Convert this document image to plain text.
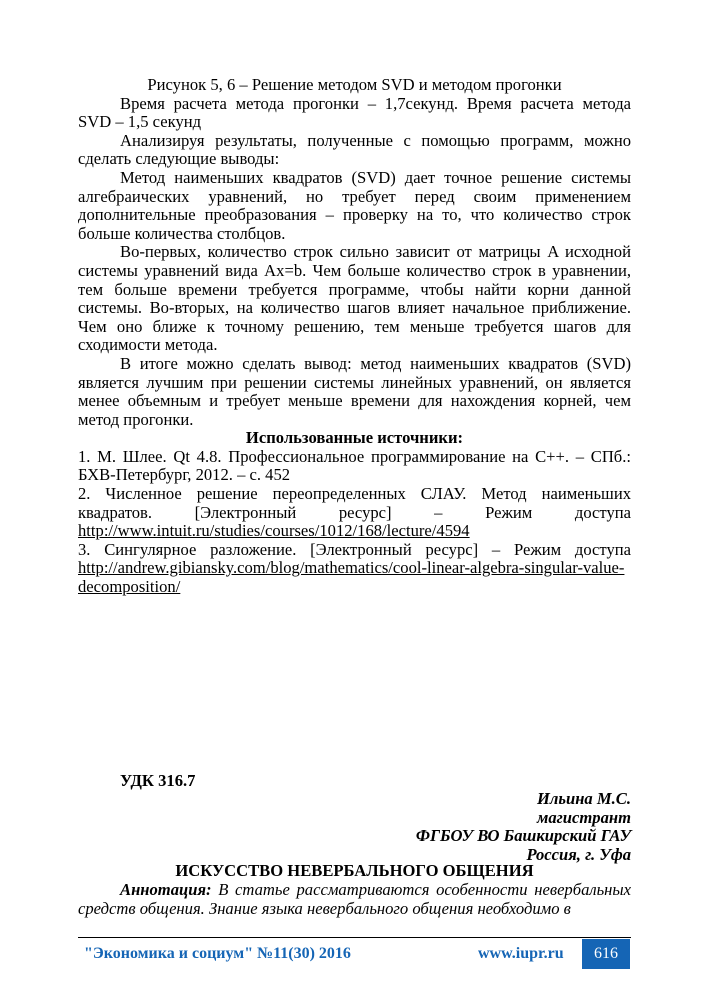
Рисунок 5, 6 – Решение методом SVD и методом прогонки

Время расчета метода прогонки – 1,7секунд. Время расчета метода SVD – 1,5 секунд

Анализируя результаты, полученные с помощью программ, можно сделать следующие выводы:

Метод наименьших квадратов (SVD) дает точное решение системы алгебраических уравнений, но требует перед своим применением дополнительные преобразования – проверку на то, что количество строк больше количества столбцов.

Во-первых, количество строк сильно зависит от матрицы A исходной системы уравнений вида Ax=b. Чем больше количество строк в уравнении, тем больше времени требуется программе, чтобы найти корни данной системы. Во-вторых, на количество шагов влияет начальное приближение. Чем оно ближе к точному решению, тем меньше требуется шагов для сходимости метода.

В итоге можно сделать вывод: метод наименьших квадратов (SVD) является лучшим при решении системы линейных уравнений, он является менее объемным и требует меньше времени для нахождения корней, чем метод прогонки.

Использованные источники:

1. М. Шлее. Qt 4.8. Профессиональное программирование на C++. – СПб.: БХВ-Петербург, 2012. – с. 452

2. Численное решение переопределенных СЛАУ. Метод наименьших квадратов. [Электронный ресурс] – Режим доступа http://www.intuit.ru/studies/courses/1012/168/lecture/4594

3. Сингулярное разложение. [Электронный ресурс] – Режим доступа http://andrew.gibiansky.com/blog/mathematics/cool-linear-algebra-singular-value-decomposition/

УДК 316.7
Ильина М.С.
магистрант
ФГБОУ ВО Башкирский ГАУ
Россия, г. Уфа
ИСКУССТВО НЕВЕРБАЛЬНОГО ОБЩЕНИЯ

Аннотация: В статье рассматриваются особенности невербальных средств общения. Знание языка невербального общения необходимо в

"Экономика и социум" №11(30) 2016	www.iupr.ru	616
